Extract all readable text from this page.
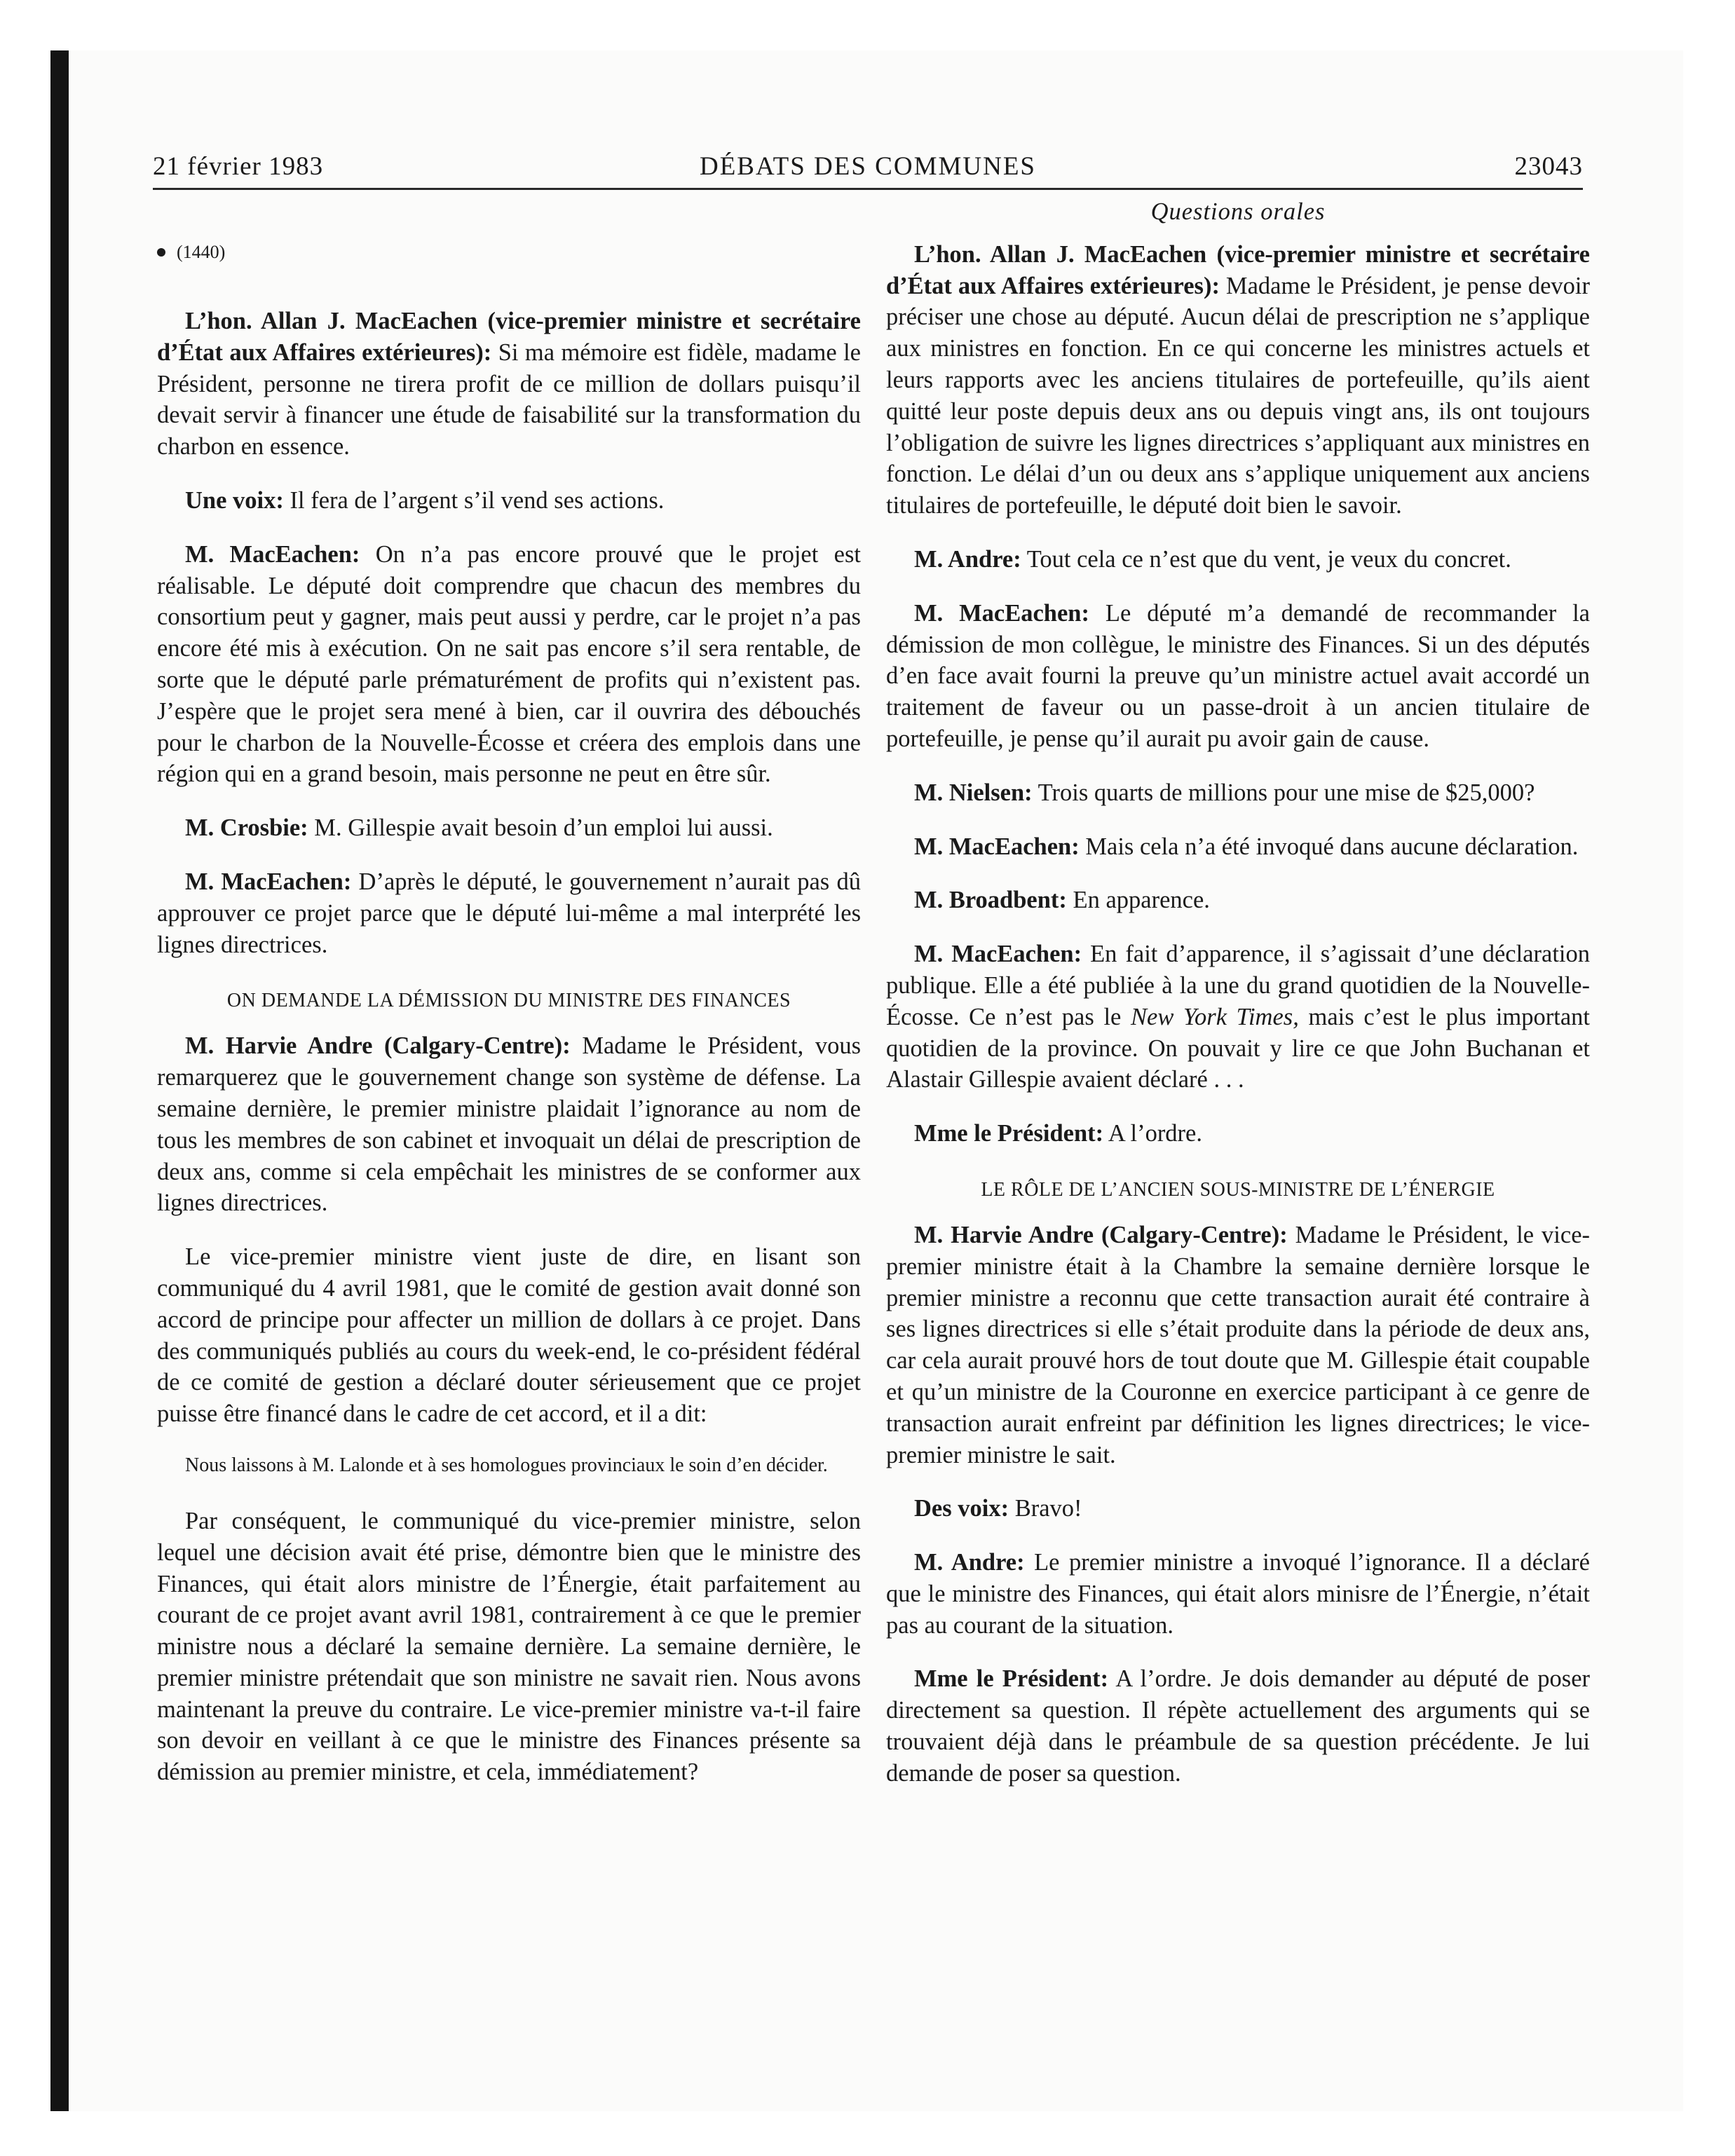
21 février 1983	DÉBATS DES COMMUNES	23043
(1440)

L’hon. Allan J. MacEachen (vice-premier ministre et secrétaire d’État aux Affaires extérieures): Si ma mémoire est fidèle, madame le Président, personne ne tirera profit de ce million de dollars puisqu’il devait servir à financer une étude de faisabilité sur la transformation du charbon en essence.

Une voix: Il fera de l’argent s’il vend ses actions.

M. MacEachen: On n’a pas encore prouvé que le projet est réalisable. Le député doit comprendre que chacun des membres du consortium peut y gagner, mais peut aussi y perdre, car le projet n’a pas encore été mis à exécution. On ne sait pas encore s’il sera rentable, de sorte que le député parle prématurément de profits qui n’existent pas. J’espère que le projet sera mené à bien, car il ouvrira des débouchés pour le charbon de la Nouvelle-Écosse et créera des emplois dans une région qui en a grand besoin, mais personne ne peut en être sûr.

M. Crosbie: M. Gillespie avait besoin d’un emploi lui aussi.

M. MacEachen: D’après le député, le gouvernement n’aurait pas dû approuver ce projet parce que le député lui-même a mal interprété les lignes directrices.

ON DEMANDE LA DÉMISSION DU MINISTRE DES FINANCES

M. Harvie Andre (Calgary-Centre): Madame le Président, vous remarquerez que le gouvernement change son système de défense. La semaine dernière, le premier ministre plaidait l’ignorance au nom de tous les membres de son cabinet et invoquait un délai de prescription de deux ans, comme si cela empêchait les ministres de se conformer aux lignes directrices.

Le vice-premier ministre vient juste de dire, en lisant son communiqué du 4 avril 1981, que le comité de gestion avait donné son accord de principe pour affecter un million de dollars à ce projet. Dans des communiqués publiés au cours du week-end, le co-président fédéral de ce comité de gestion a déclaré douter sérieusement que ce projet puisse être financé dans le cadre de cet accord, et il a dit:

Nous laissons à M. Lalonde et à ses homologues provinciaux le soin d’en décider.

Par conséquent, le communiqué du vice-premier ministre, selon lequel une décision avait été prise, démontre bien que le ministre des Finances, qui était alors ministre de l’Énergie, était parfaitement au courant de ce projet avant avril 1981, contrairement à ce que le premier ministre nous a déclaré la semaine dernière. La semaine dernière, le premier ministre prétendait que son ministre ne savait rien. Nous avons maintenant la preuve du contraire. Le vice-premier ministre va-t-il faire son devoir en veillant à ce que le ministre des Finances présente sa démission au premier ministre, et cela, immédiatement?

Questions orales

L’hon. Allan J. MacEachen (vice-premier ministre et secrétaire d’État aux Affaires extérieures): Madame le Président, je pense devoir préciser une chose au député. Aucun délai de prescription ne s’applique aux ministres en fonction. En ce qui concerne les ministres actuels et leurs rapports avec les anciens titulaires de portefeuille, qu’ils aient quitté leur poste depuis deux ans ou depuis vingt ans, ils ont toujours l’obligation de suivre les lignes directrices s’appliquant aux ministres en fonction. Le délai d’un ou deux ans s’applique uniquement aux anciens titulaires de portefeuille, le député doit bien le savoir.

M. Andre: Tout cela ce n’est que du vent, je veux du concret.

M. MacEachen: Le député m’a demandé de recommander la démission de mon collègue, le ministre des Finances. Si un des députés d’en face avait fourni la preuve qu’un ministre actuel avait accordé un traitement de faveur ou un passe-droit à un ancien titulaire de portefeuille, je pense qu’il aurait pu avoir gain de cause.

M. Nielsen: Trois quarts de millions pour une mise de $25,000?

M. MacEachen: Mais cela n’a été invoqué dans aucune déclaration.

M. Broadbent: En apparence.

M. MacEachen: En fait d’apparence, il s’agissait d’une déclaration publique. Elle a été publiée à la une du grand quotidien de la Nouvelle-Écosse. Ce n’est pas le New York Times, mais c’est le plus important quotidien de la province. On pouvait y lire ce que John Buchanan et Alastair Gillespie avaient déclaré . . .

Mme le Président: A l’ordre.

LE RÔLE DE L’ANCIEN SOUS-MINISTRE DE L’ÉNERGIE

M. Harvie Andre (Calgary-Centre): Madame le Président, le vice-premier ministre était à la Chambre la semaine dernière lorsque le premier ministre a reconnu que cette transaction aurait été contraire à ses lignes directrices si elle s’était produite dans la période de deux ans, car cela aurait prouvé hors de tout doute que M. Gillespie était coupable et qu’un ministre de la Couronne en exercice participant à ce genre de transaction aurait enfreint par définition les lignes directrices; le vice-premier ministre le sait.

Des voix: Bravo!

M. Andre: Le premier ministre a invoqué l’ignorance. Il a déclaré que le ministre des Finances, qui était alors minisre de l’Énergie, n’était pas au courant de la situation.

Mme le Président: A l’ordre. Je dois demander au député de poser directement sa question. Il répète actuellement des arguments qui se trouvaient déjà dans le préambule de sa question précédente. Je lui demande de poser sa question.
